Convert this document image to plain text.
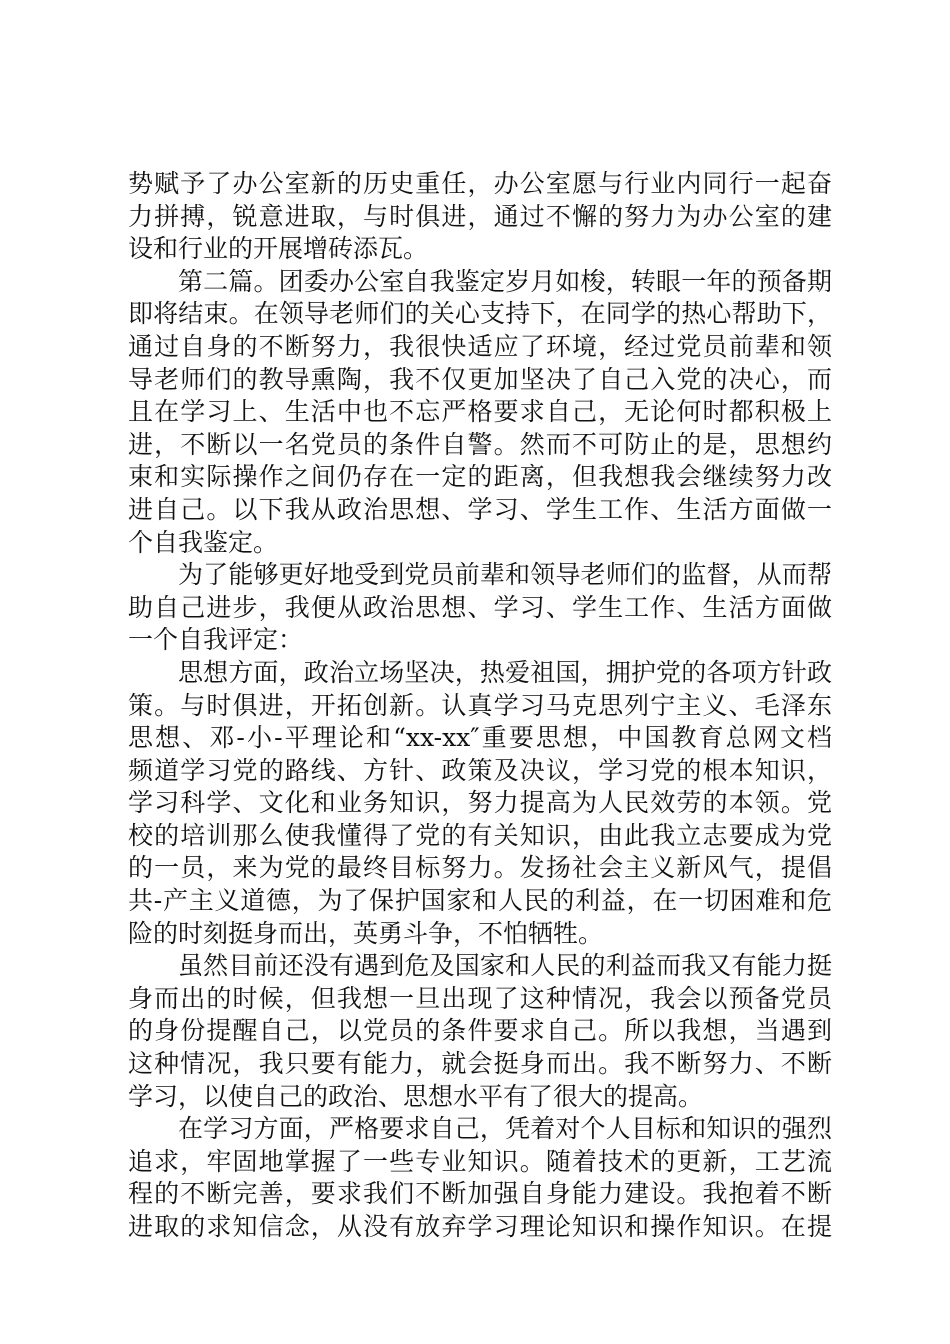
势赋予了办公室新的历史重任，办公室愿与行业内同行一起奋
力拼搏，锐意进取，与时俱进，通过不懈的努力为办公室的建
设和行业的开展增砖添瓦。
第二篇。团委办公室自我鉴定岁月如梭，转眼一年的预备期
即将结束。在领导老师们的关心支持下，在同学的热心帮助下，
通过自身的不断努力，我很快适应了环境，经过党员前辈和领
导老师们的教导熏陶，我不仅更加坚决了自己入党的决心，而
且在学习上、生活中也不忘严格要求自己，无论何时都积极上
进，不断以一名党员的条件自警。然而不可防止的是，思想约
束和实际操作之间仍存在一定的距离，但我想我会继续努力改
进自己。以下我从政治思想、学习、学生工作、生活方面做一
个自我鉴定。
为了能够更好地受到党员前辈和领导老师们的监督，从而帮
助自己进步，我便从政治思想、学习、学生工作、生活方面做
一个自我评定：
思想方面，政治立场坚决，热爱祖国，拥护党的各项方针政
策。与时俱进，开拓创新。认真学习马克思列宁主义、毛泽东
思想、邓-小-平理论和“xx-xx″重要思想，中国教育总网文档
频道学习党的路线、方针、政策及决议，学习党的根本知识，
学习科学、文化和业务知识，努力提高为人民效劳的本领。党
校的培训那么使我懂得了党的有关知识，由此我立志要成为党
的一员，来为党的最终目标努力。发扬社会主义新风气，提倡
共-产主义道德，为了保护国家和人民的利益，在一切困难和危
险的时刻挺身而出，英勇斗争，不怕牺牲。
虽然目前还没有遇到危及国家和人民的利益而我又有能力挺
身而出的时候，但我想一旦出现了这种情况，我会以预备党员
的身份提醒自己，以党员的条件要求自己。所以我想，当遇到
这种情况，我只要有能力，就会挺身而出。我不断努力、不断
学习，以使自己的政治、思想水平有了很大的提高。
在学习方面，严格要求自己，凭着对个人目标和知识的强烈
追求，牢固地掌握了一些专业知识。随着技术的更新，工艺流
程的不断完善，要求我们不断加强自身能力建设。我抱着不断
进取的求知信念，从没有放弃学习理论知识和操作知识。在提
